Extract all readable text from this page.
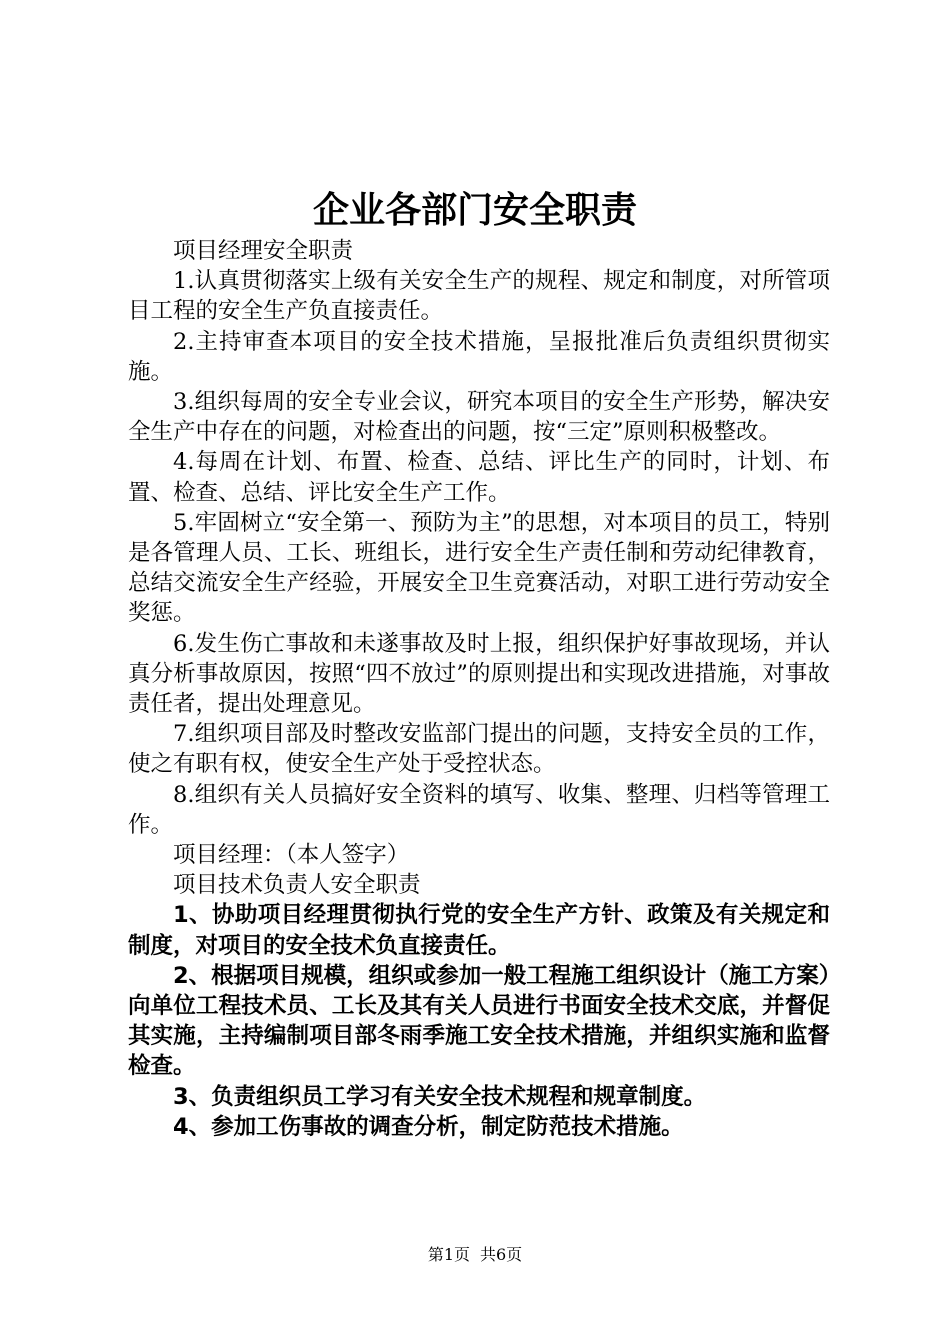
企业各部门安全职责

项目经理安全职责

1.认真贯彻落实上级有关安全生产的规程、规定和制度，对所管项目工程的安全生产负直接责任。

2.主持审查本项目的安全技术措施，呈报批准后负责组织贯彻实施。

3.组织每周的安全专业会议，研究本项目的安全生产形势，解决安全生产中存在的问题，对检查出的问题，按“三定”原则积极整改。

4.每周在计划、布置、检查、总结、评比生产的同时，计划、布置、检查、总结、评比安全生产工作。

5.牢固树立“安全第一、预防为主”的思想，对本项目的员工，特别是各管理人员、工长、班组长，进行安全生产责任制和劳动纪律教育，总结交流安全生产经验，开展安全卫生竞赛活动，对职工进行劳动安全奖惩。

6.发生伤亡事故和未遂事故及时上报，组织保护好事故现场，并认真分析事故原因，按照“四不放过”的原则提出和实现改进措施，对事故责任者，提出处理意见。

7.组织项目部及时整改安监部门提出的问题，支持安全员的工作，使之有职有权，使安全生产处于受控状态。

8.组织有关人员搞好安全资料的填写、收集、整理、归档等管理工作。

项目经理：（本人签字）

项目技术负责人安全职责

1、协助项目经理贯彻执行党的安全生产方针、政策及有关规定和制度，对项目的安全技术负直接责任。

2、根据项目规模，组织或参加一般工程施工组织设计（施工方案）向单位工程技术员、工长及其有关人员进行书面安全技术交底，并督促其实施，主持编制项目部冬雨季施工安全技术措施，并组织实施和监督检查。

3、负责组织员工学习有关安全技术规程和规章制度。

4、参加工伤事故的调查分析，制定防范技术措施。

第1页 共6页
